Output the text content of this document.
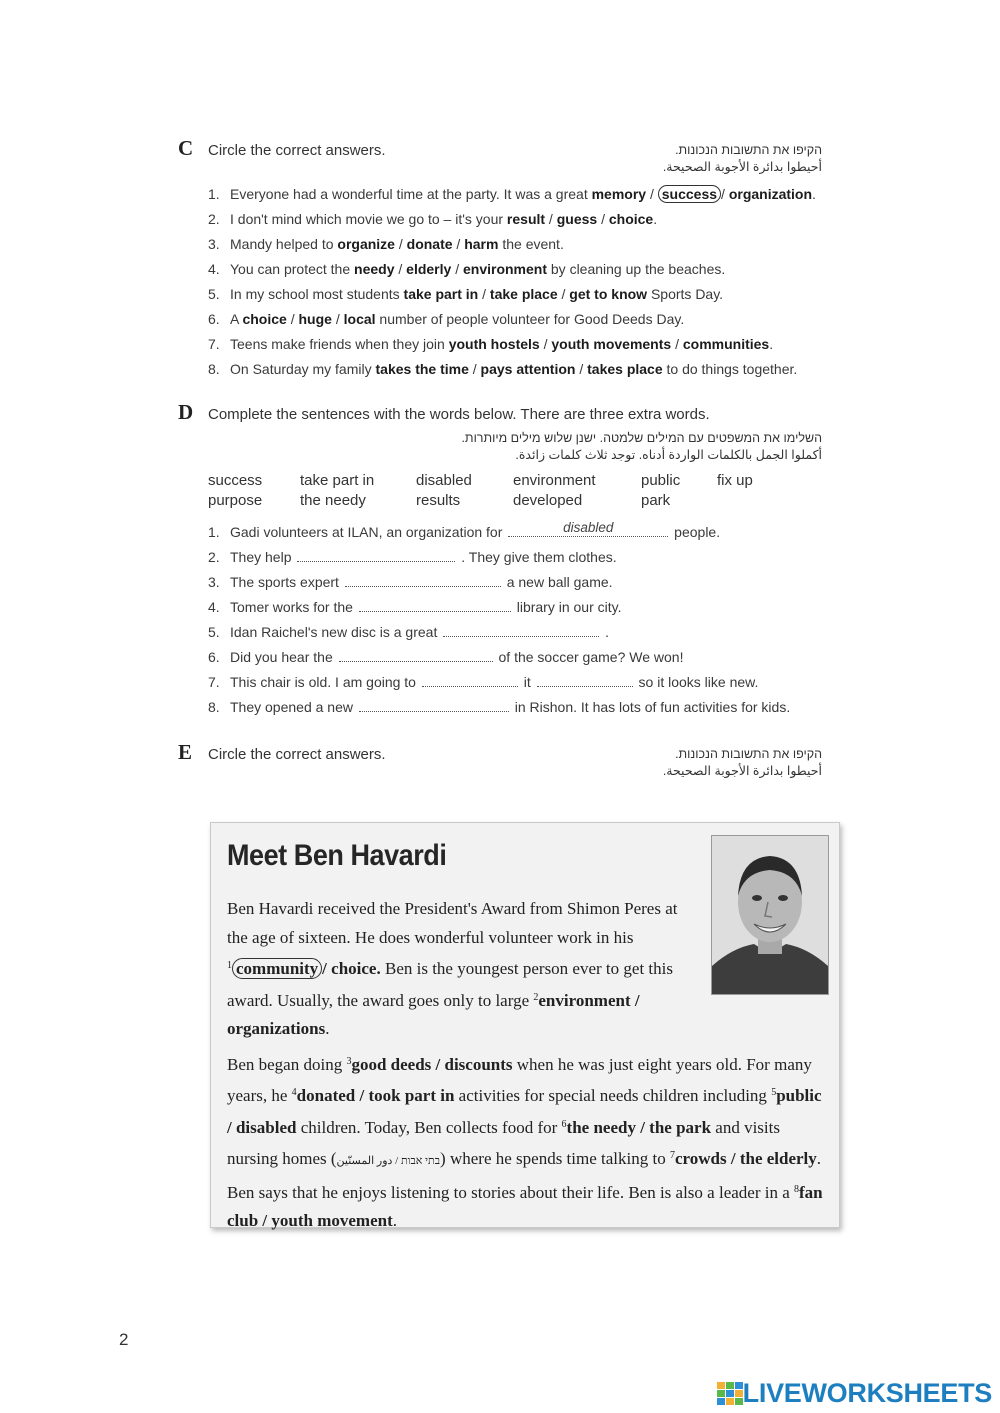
C Circle the correct answers.	הקיפו את התשובות הנכונות.
أحيطوا بدائرة الأجوبة الصحيحة.
1. Everyone had a wonderful time at the party. It was a great memory / success / organization.
2. I don't mind which movie we go to – it's your result / guess / choice.
3. Mandy helped to organize / donate / harm the event.
4. You can protect the needy / elderly / environment by cleaning up the beaches.
5. In my school most students take part in / take place / get to know Sports Day.
6. A choice / huge / local number of people volunteer for Good Deeds Day.
7. Teens make friends when they join youth hostels / youth movements / communities.
8. On Saturday my family takes the time / pays attention / takes place to do things together.
D Complete the sentences with the words below. There are three extra words.
השלימו את המשפטים עם המילים שלמטה. ישנן שלוש מילים מיותרות.
أكملوا الجمل بالكلمات الواردة أدناه. توجد ثلاث كلمات زائدة.
success	take part in	disabled	environment	public	fix up
purpose	the needy	results	developed	park
1. Gadi volunteers at ILAN, an organization for	disabled	people.
2. They help	. They give them clothes.
3. The sports expert	a new ball game.
4. Tomer works for the	library in our city.
5. Idan Raichel's new disc is a great	.
6. Did you hear the	of the soccer game? We won!
7. This chair is old. I am going to	it	so it looks like new.
8. They opened a new	in Rishon. It has lots of fun activities for kids.
E	Circle the correct answers.	הקיפו את התשובות הנכונות.
أحيطوا بدائرة الأجوبة الصحيحة.
Meet Ben Havardi

Ben Havardi received the President's Award from Shimon Peres at the age of sixteen. He does wonderful volunteer work in his $^1$ community / choice. Ben is the youngest person ever to get this award. Usually, the award goes only to large $^2$environment / organizations.

Ben began doing $^3$good deeds / discounts when he was just eight years old. For many years, he $^4$donated / took part in activities for special needs children including $^5$public / disabled children. Today, Ben collects food for $^6$the needy / the park and visits nursing homes (בתי אבות / دور المسنّين) where he spends time talking to $^7$crowds / the elderly. Ben says that he enjoys listening to stories about their life. Ben is also a leader in a $^8$fan club / youth movement.

2
LIVEWORKSHEETS
